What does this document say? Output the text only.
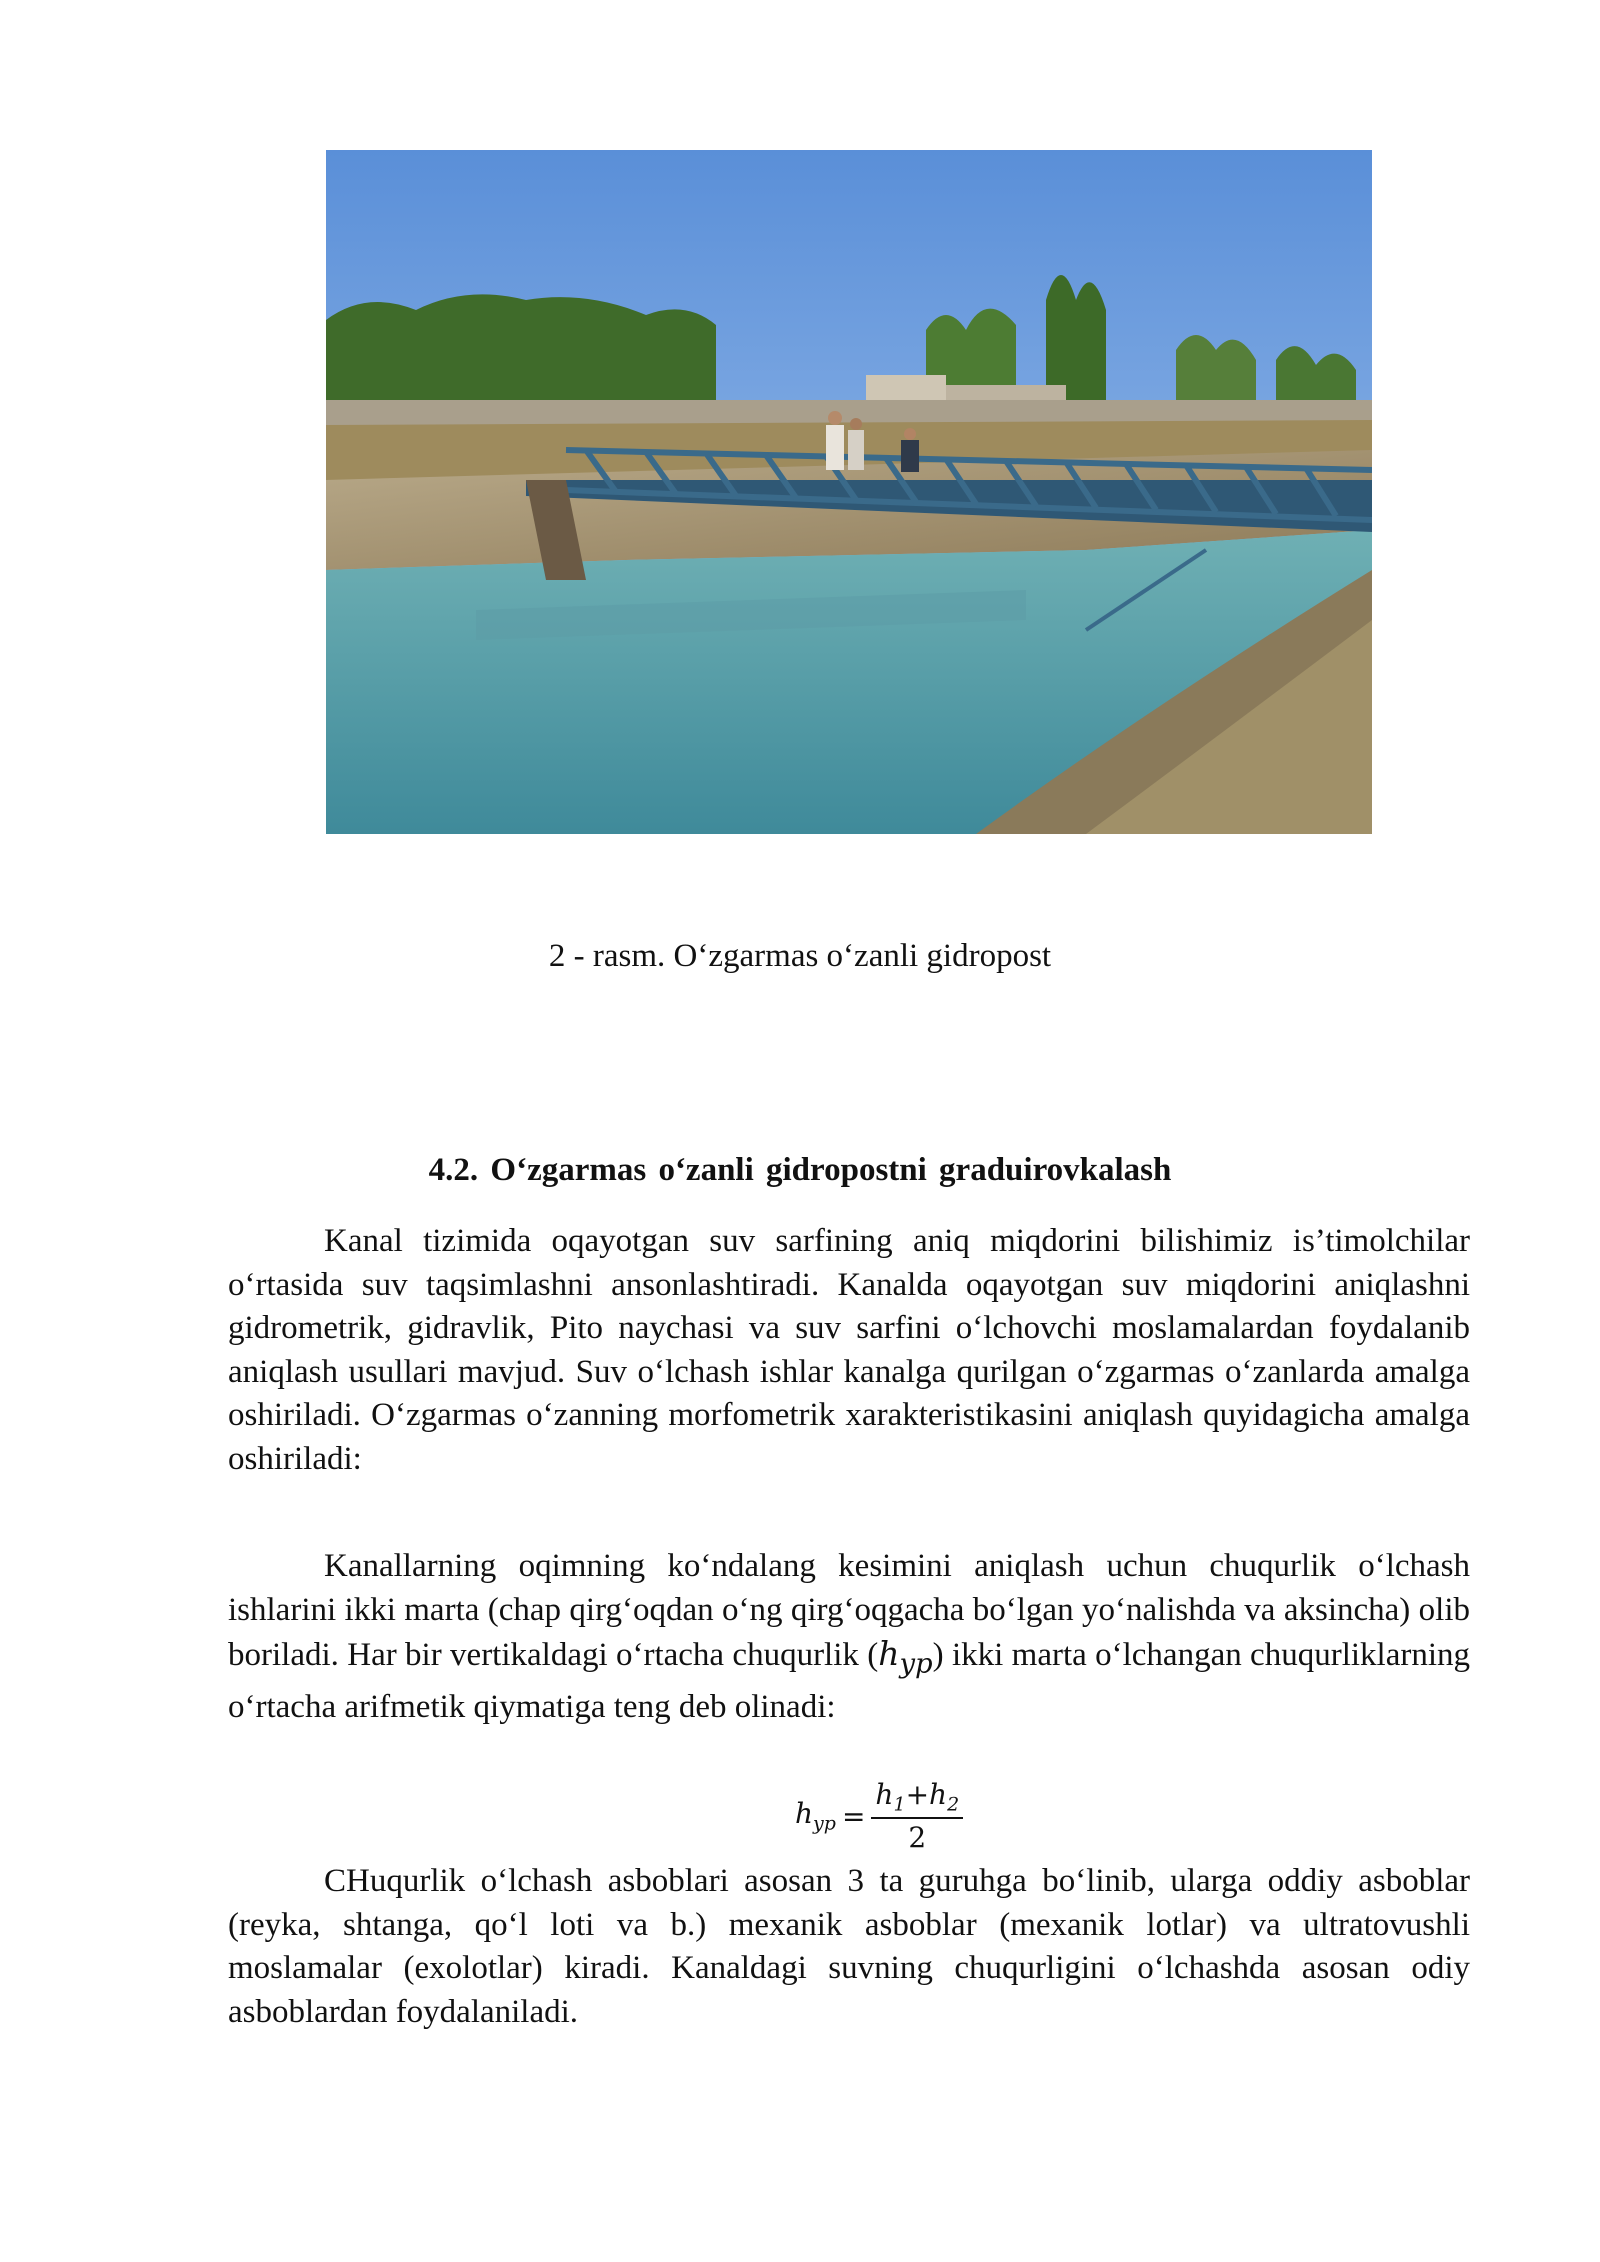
2 - rasm. O‘zgarmas o‘zanli gidropost
4.2. O‘zgarmas o‘zanli gidropostni graduirovkalash

Kanal tizimida oqayotgan suv sarfining aniq miqdorini bilishimiz is’timolchilar o‘rtasida suv taqsimlashni ansonlashtiradi. Kanalda oqayotgan suv miqdorini aniqlashni gidrometrik, gidravlik, Pito naychasi va suv sarfini o‘lchovchi moslamalardan foydalanib aniqlash usullari mavjud. Suv o‘lchash ishlar kanalga qurilgan o‘zgarmas o‘zanlarda amalga oshiriladi. O‘zgarmas o‘zanning morfometrik xarakteristikasini aniqlash quyidagicha amalga oshiriladi:

Kanallarning oqimning ko‘ndalang kesimini aniqlash uchun chuqurlik o‘lchash ishlarini ikki marta (chap qirg‘oqdan o‘ng qirg‘oqgacha bo‘lgan yo‘nalishda va aksincha) olib boriladi. Har bir vertikaldagi o‘rtacha chuqurlik $(h_{yp})$ ikki marta o‘lchangan chuqurliklarning o‘rtacha arifmetik qiymatiga teng deb olinadi:

$h_{yp} = \frac{h_1+h_2}{2}$

CHuqurlik o‘lchash asboblari asosan 3 ta guruhga bo‘linib, ularga oddiy asboblar (reyka, shtanga, qo‘l loti va b.) mexanik asboblar (mexanik lotlar) va ultratovushli moslamalar (exolotlar) kiradi. Kanaldagi suvning chuqurligini o‘lchashda asosan odiy asboblardan foydalaniladi.
